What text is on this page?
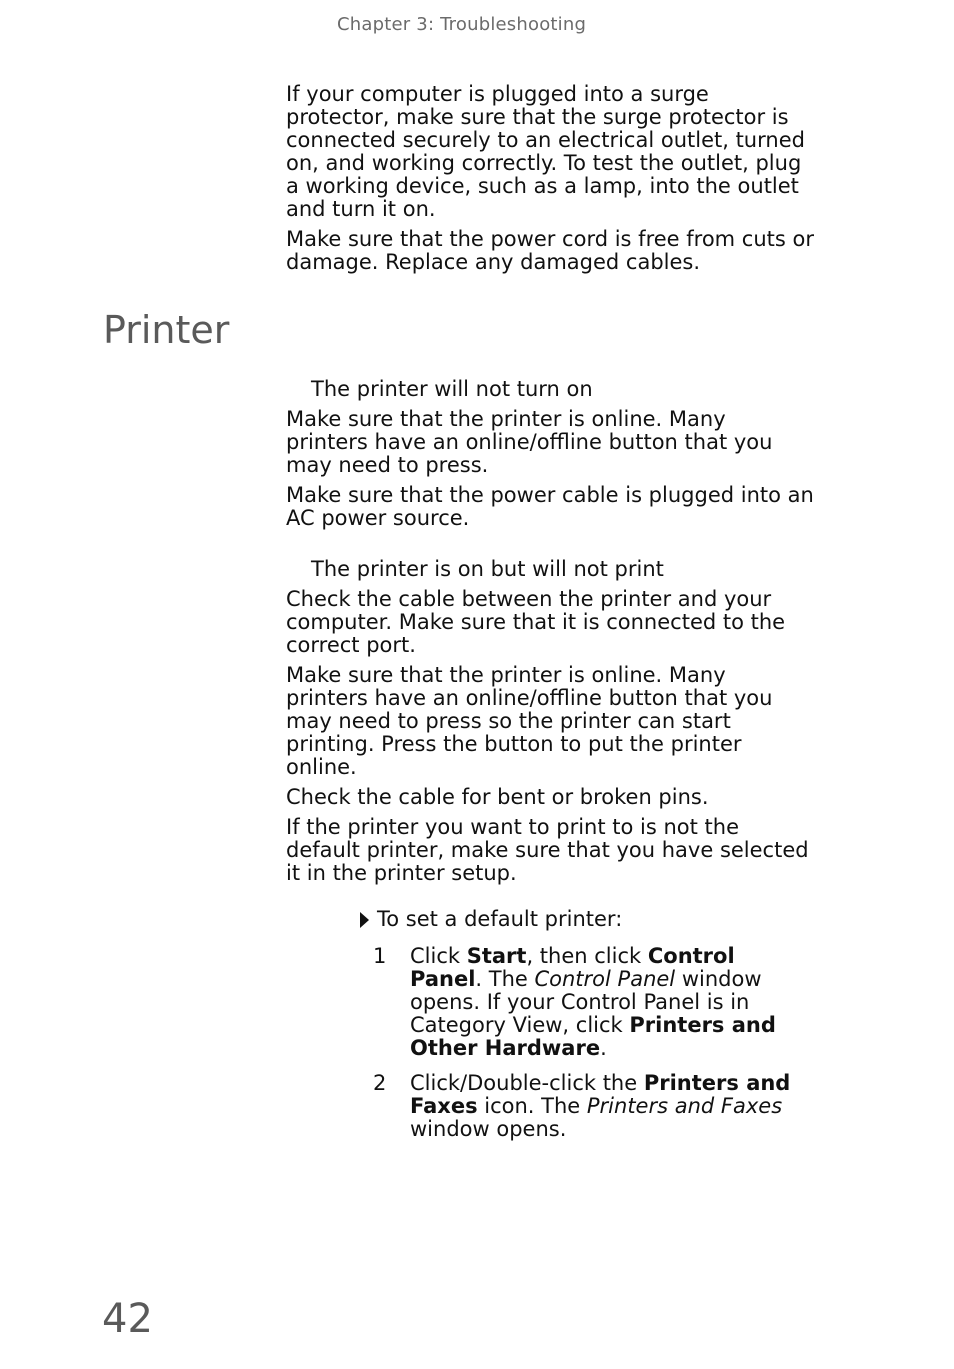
Chapter 3: Troubleshooting

If your computer is plugged into a surge protector, make sure that the surge protector is connected securely to an electrical outlet, turned on, and working correctly. To test the outlet, plug a working device, such as a lamp, into the outlet and turn it on.

Make sure that the power cord is free from cuts or damage. Replace any damaged cables.

Printer
The printer will not turn on

Make sure that the printer is online. Many printers have an online/offline button that you may need to press.

Make sure that the power cable is plugged into an AC power source.

The printer is on but will not print

Check the cable between the printer and your computer. Make sure that it is connected to the correct port.

Make sure that the printer is online. Many printers have an online/offline button that you may need to press so the printer can start printing. Press the button to put the printer online.

Check the cable for bent or broken pins.

If the printer you want to print to is not the default printer, make sure that you have selected it in the printer setup.

To set a default printer:
1 Click Start, then click Control Panel. The Control Panel window opens. If your Control Panel is in Category View, click Printers and Other Hardware.
2 Click/Double-click the Printers and Faxes icon. The Printers and Faxes window opens.
42
